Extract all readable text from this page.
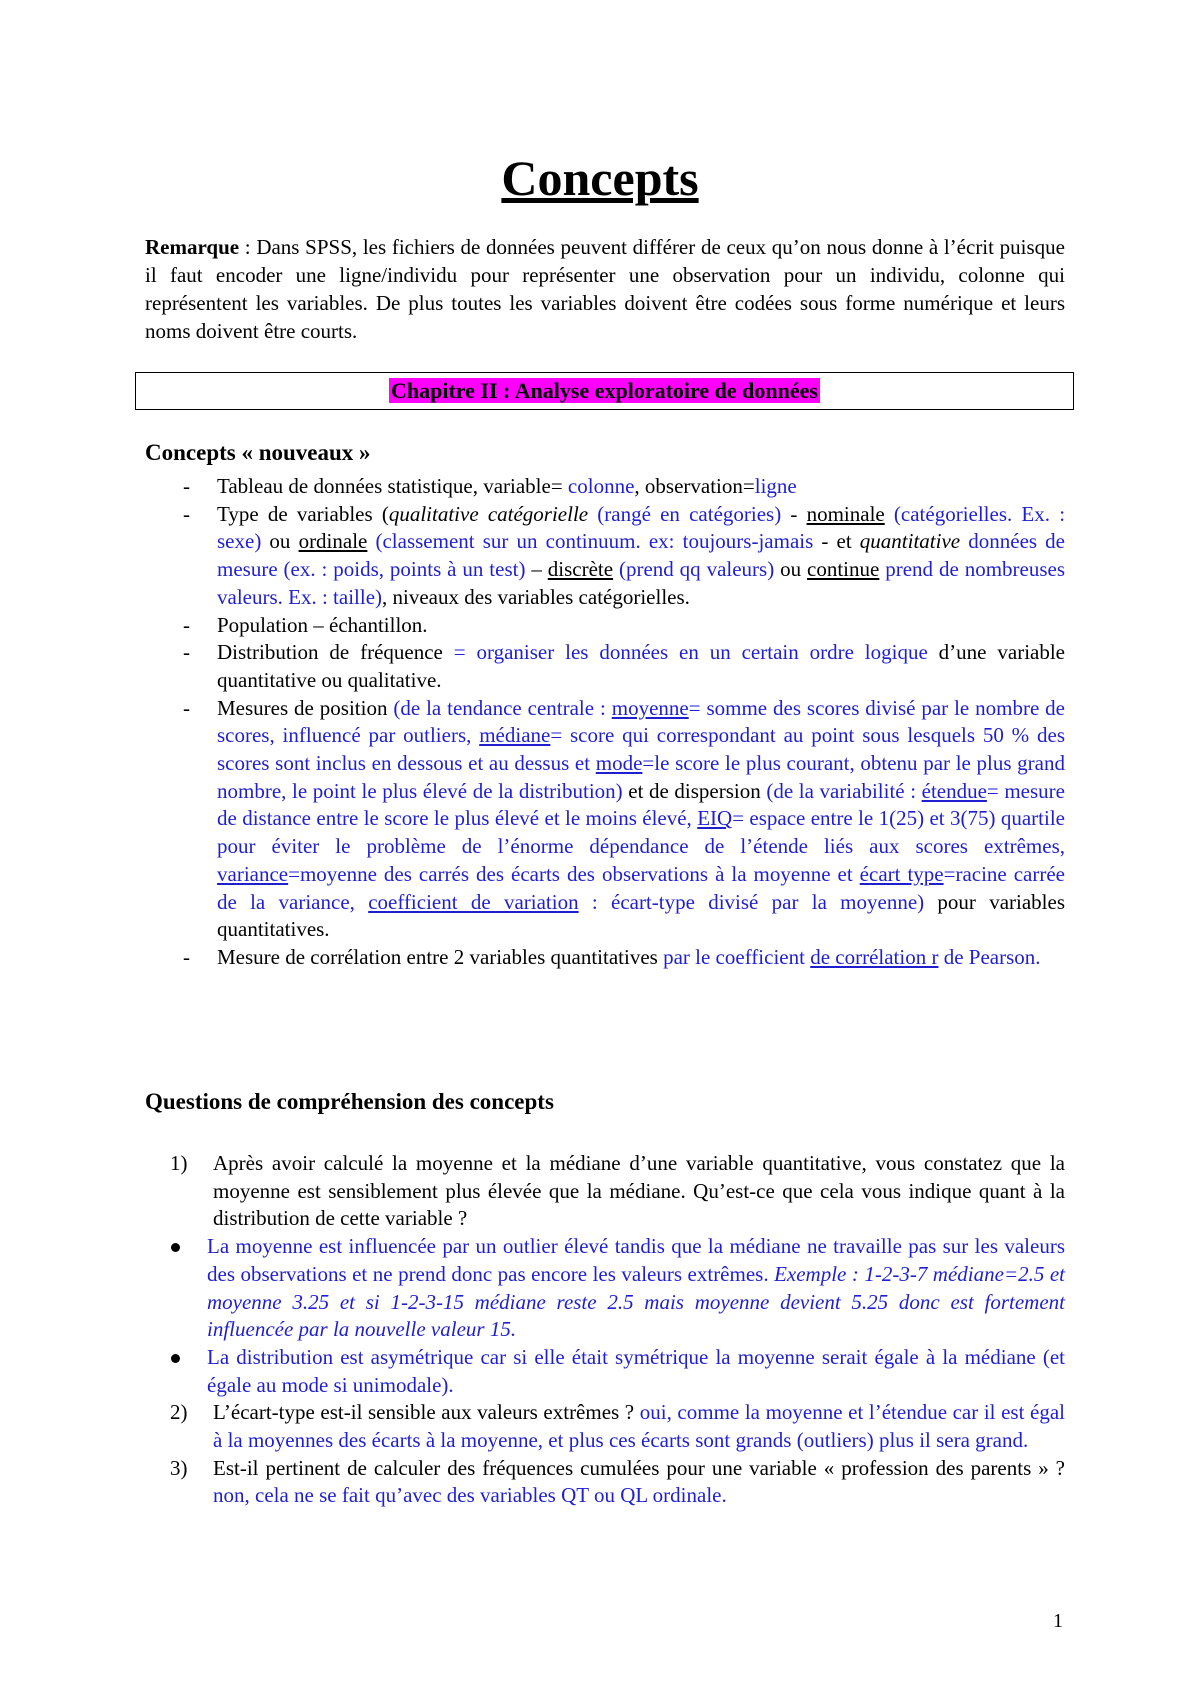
Concepts
Remarque : Dans SPSS, les fichiers de données peuvent différer de ceux qu’on nous donne à l’écrit puisque il faut encoder une ligne/individu pour représenter une observation pour un individu, colonne qui représentent les variables. De plus toutes les variables doivent être codées sous forme numérique et leurs noms doivent être courts.
Chapitre II : Analyse exploratoire de données
Concepts « nouveaux »
- Tableau de données statistique, variable= colonne, observation=ligne
- Type de variables (qualitative catégorielle (rangé en catégories) - nominale (catégorielles. Ex. : sexe) ou ordinale (classement sur un continuum. ex: toujours-jamais - et quantitative données de mesure (ex. : poids, points à un test) – discrète (prend qq valeurs) ou continue prend de nombreuses valeurs. Ex. : taille), niveaux des variables catégorielles.
- Population – échantillon.
- Distribution de fréquence = organiser les données en un certain ordre logique d’une variable quantitative ou qualitative.
- Mesures de position (de la tendance centrale : moyenne= somme des scores divisé par le nombre de scores, influencé par outliers, médiane= score qui correspondant au point sous lesquels 50 % des scores sont inclus en dessous et au dessus et mode=le score le plus courant, obtenu par le plus grand nombre, le point le plus élevé de la distribution) et de dispersion (de la variabilité : étendue= mesure de distance entre le score le plus élevé et le moins élevé, EIQ= espace entre le 1(25) et 3(75) quartile pour éviter le problème de l’énorme dépendance de l’étende liés aux scores extrêmes, variance=moyenne des carrés des écarts des observations à la moyenne et écart type=racine carrée de la variance, coefficient de variation : écart-type divisé par la moyenne) pour variables quantitatives.
- Mesure de corrélation entre 2 variables quantitatives par le coefficient de corrélation r de Pearson.
Questions de compréhension des concepts
1) Après avoir calculé la moyenne et la médiane d’une variable quantitative, vous constatez que la moyenne est sensiblement plus élevée que la médiane. Qu’est-ce que cela vous indique quant à la distribution de cette variable ?
La moyenne est influencée par un outlier élevé tandis que la médiane ne travaille pas sur les valeurs des observations et ne prend donc pas encore les valeurs extrêmes. Exemple : 1-2-3-7 médiane=2.5 et moyenne 3.25 et si 1-2-3-15 médiane reste 2.5 mais moyenne devient 5.25 donc est fortement influencée par la nouvelle valeur 15.
La distribution est asymétrique car si elle était symétrique la moyenne serait égale à la médiane (et égale au mode si unimodale).
2) L’écart-type est-il sensible aux valeurs extrêmes ? oui, comme la moyenne et l’étendue car il est égal à la moyennes des écarts à la moyenne, et plus ces écarts sont grands (outliers) plus il sera grand.
3) Est-il pertinent de calculer des fréquences cumulées pour une variable « profession des parents » ? non, cela ne se fait qu’avec des variables QT ou QL ordinale.
1
